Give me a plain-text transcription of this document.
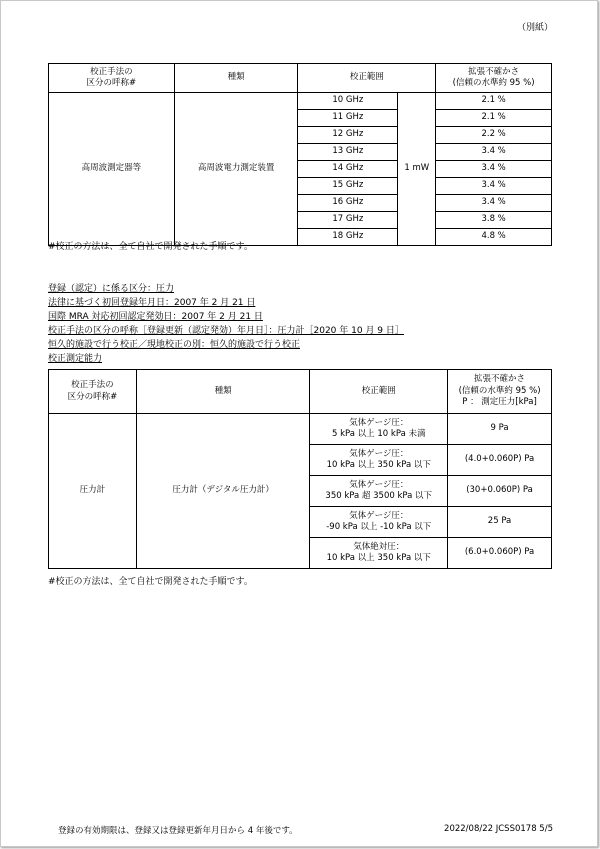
（別紙）
校正手法の
区分の呼称#	種類	校正範囲		拡張不確かさ
(信頼の水準約 95 %)

高周波測定器等	高周波電力測定装置	10 GHz	1 mW	2.1 %
		11 GHz		2.1 %
		12 GHz		2.2 %
		13 GHz		3.4 %
		14 GHz		3.4 %
		15 GHz		3.4 %
		16 GHz		3.4 %
		17 GHz		3.8 %
		18 GHz		4.8 %
#校正の方法は、全て自社で開発された手順です。
登録（認定）に係る区分：圧力
法律に基づく初回登録年月日：2007 年 2 月 21 日
国際 MRA 対応初回認定発効日：2007 年 2 月 21 日
校正手法の区分の呼称［登録更新（認定発効）年月日］：圧力計［2020 年 10 月 9 日］
恒久的施設で行う校正／現地校正の別：恒久的施設で行う校正
校正測定能力
校正手法の
区分の呼称#	種類	校正範囲	拡張不確かさ
(信頼の水準約 95 %)
P ： 測定圧力[kPa]

圧力計	圧力計（デジタル圧力計）	気体ゲージ圧：
5 kPa 以上 10 kPa 未満	9 Pa

		気体ゲージ圧：
10 kPa 以上 350 kPa 以下	(4.0+0.060P) Pa

		気体ゲージ圧：
350 kPa 超 3500 kPa 以下	(30+0.060P) Pa

		気体ゲージ圧：
-90 kPa 以上 -10 kPa 以下	25 Pa

		気体絶対圧：
10 kPa 以上 350 kPa 以下	(6.0+0.060P) Pa
#校正の方法は、全て自社で開発された手順です。
登録の有効期限は、登録又は登録更新年月日から 4 年後です。	2022/08/22 JCSS0178 5/5
